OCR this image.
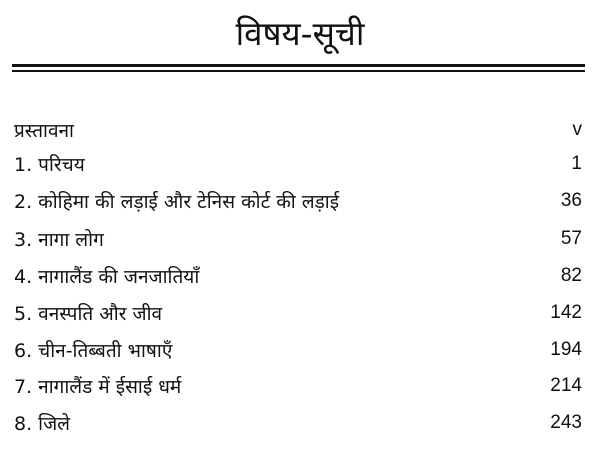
विषय-सूची
प्रस्तावना	v
1. परिचय	1
2. कोहिमा की लड़ाई और टेनिस कोर्ट की लड़ाई	36
3. नागा लोग	57
4. नागालैंड की जनजातियाँ	82
5. वनस्पति और जीव	142
6. चीन-तिब्बती भाषाएँ	194
7. नागालैंड में ईसाई धर्म	214
8. जिले	243
